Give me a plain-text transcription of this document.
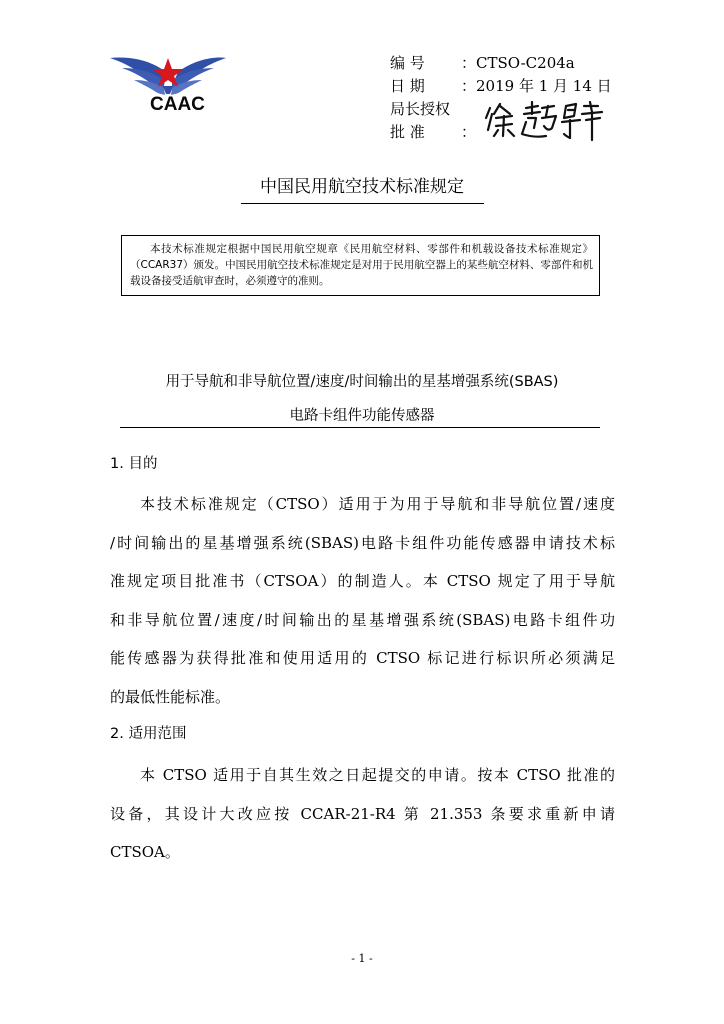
CAAC
编 号 ： CTSO-C204a
日 期 ： 2019 年 1 月 14 日
局长授权
批 准 ：
中国民用航空技术标准规定
本技术标准规定根据中国民用航空规章《民用航空材料、零部件和机载设备技术标准规定》（CCAR37）颁发。中国民用航空技术标准规定是对用于民用航空器上的某些航空材料、零部件和机载设备接受适航审查时，必须遵守的准则。
用于导航和非导航位置/速度/时间输出的星基增强系统(SBAS)
电路卡组件功能传感器
1. 目的
本技术标准规定（CTSO）适用于为用于导航和非导航位置/速度
/时间输出的星基增强系统(SBAS)电路卡组件功能传感器申请技术标
准规定项目批准书（CTSOA）的制造人。本 CTSO 规定了用于导航
和非导航位置/速度/时间输出的星基增强系统(SBAS)电路卡组件功
能传感器为获得批准和使用适用的 CTSO 标记进行标识所必须满足
的最低性能标准。
2. 适用范围
本 CTSO 适用于自其生效之日起提交的申请。按本 CTSO 批准的
设备，其设计大改应按 CCAR-21-R4 第 21.353 条要求重新申请
CTSOA。
- 1 -
